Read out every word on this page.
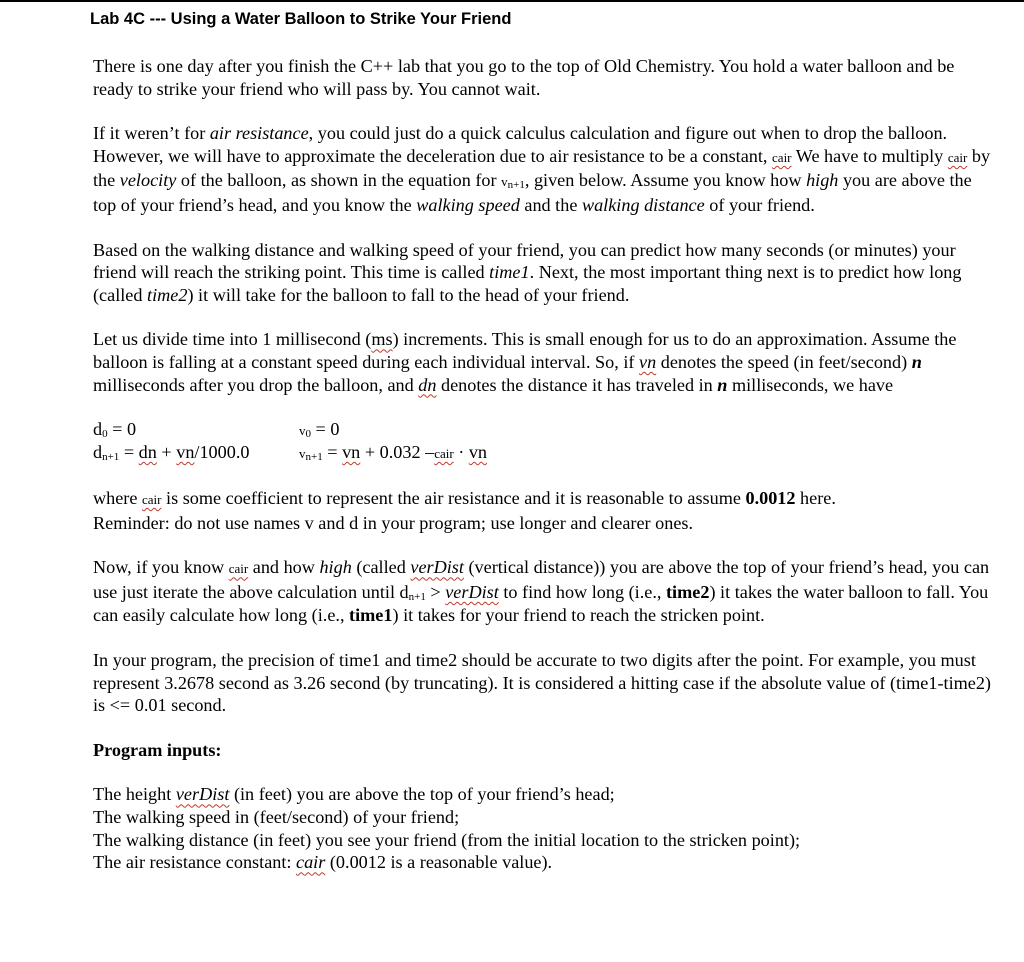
Lab 4C --- Using a Water Balloon to Strike Your Friend

There is one day after you finish the C++ lab that you go to the top of Old Chemistry. You hold a water balloon and be ready to strike your friend who will pass by. You cannot wait.

If it weren’t for air resistance, you could just do a quick calculus calculation and figure out when to drop the balloon. However, we will have to approximate the deceleration due to air resistance to be a constant, cair We have to multiply cair by the velocity of the balloon, as shown in the equation for vn+1, given below. Assume you know how high you are above the top of your friend’s head, and you know the walking speed and the walking distance of your friend.

Based on the walking distance and walking speed of your friend, you can predict how many seconds (or minutes) your friend will reach the striking point. This time is called time1. Next, the most important thing next is to predict how long (called time2) it will take for the balloon to fall to the head of your friend.

Let us divide time into 1 millisecond (ms) increments. This is small enough for us to do an approximation. Assume the balloon is falling at a constant speed during each individual interval. So, if vn denotes the speed (in feet/second) n milliseconds after you drop the balloon, and dn denotes the distance it has traveled in n milliseconds, we have

d0 = 0	v0 = 0
dn+1 = dn + vn/1000.0	vn+1 = vn + 0.032 –cair · vn

where cair is some coefficient to represent the air resistance and it is reasonable to assume 0.0012 here.
Reminder: do not use names v and d in your program; use longer and clearer ones.

Now, if you know cair and how high (called verDist (vertical distance)) you are above the top of your friend’s head, you can use just iterate the above calculation until dn+1 > verDist to find how long (i.e., time2) it takes the water balloon to fall. You can easily calculate how long (i.e., time1) it takes for your friend to reach the stricken point.

In your program, the precision of time1 and time2 should be accurate to two digits after the point. For example, you must represent 3.2678 second as 3.26 second (by truncating). It is considered a hitting case if the absolute value of (time1-time2) is <= 0.01 second.

Program inputs:

The height verDist (in feet) you are above the top of your friend’s head;
The walking speed in (feet/second) of your friend;
The walking distance (in feet) you see your friend (from the initial location to the stricken point);
The air resistance constant: cair (0.0012 is a reasonable value).
